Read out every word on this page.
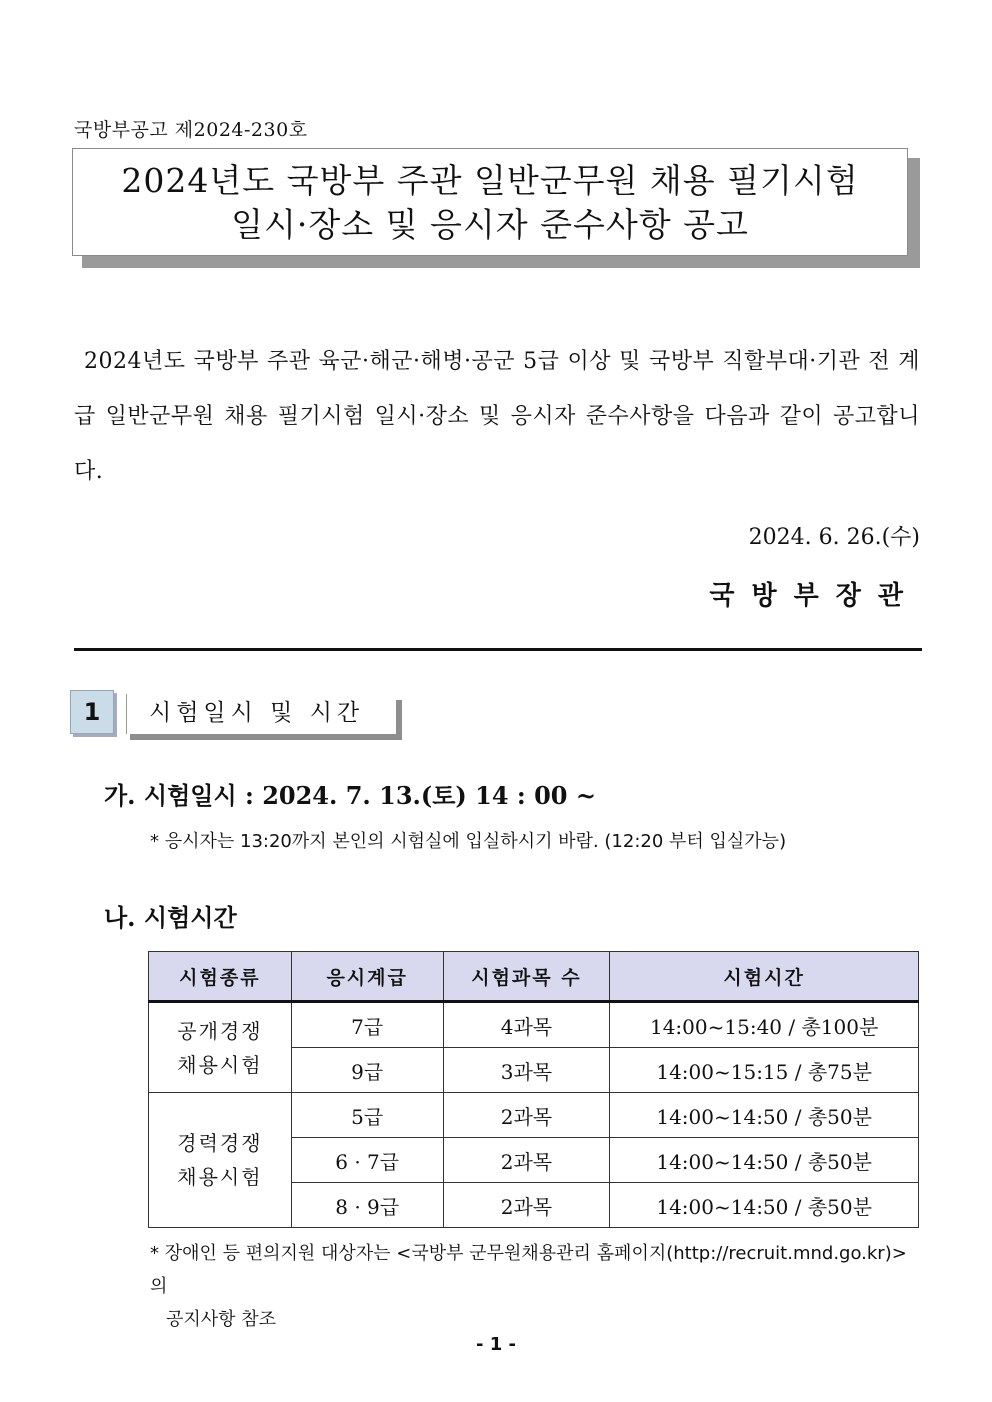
국방부공고 제2024-230호
2024년도 국방부 주관 일반군무원 채용 필기시험
일시·장소 및 응시자 준수사항 공고

2024년도 국방부 주관 육군·해군·해병·공군 5급 이상 및 국방부 직할부대·기관 전 계급 일반군무원 채용 필기시험 일시·장소 및 응시자 준수사항을 다음과 같이 공고합니다.

2024. 6. 26.(수)
국방부장관
1	시험일시 및 시간
가. 시험일시 : 2024. 7. 13.(토) 14 : 00 ~
* 응시자는 13:20까지 본인의 시험실에 입실하시기 바람. (12:20 부터 입실가능)
나. 시험시간
시험종류	응시계급	시험과목 수	시험시간

공개경쟁
채용시험	7급	4과목	14:00~15:40 / 총100분
	9급	3과목	14:00~15:15 / 총75분

경력경쟁
채용시험	5급	2과목	14:00~14:50 / 총50분
	6 · 7급	2과목	14:00~14:50 / 총50분
	8 · 9급	2과목	14:00~14:50 / 총50분
* 장애인 등 편의지원 대상자는 <국방부 군무원채용관리 홈페이지(http://recruit.mnd.go.kr)>의
공지사항 참조
- 1 -
